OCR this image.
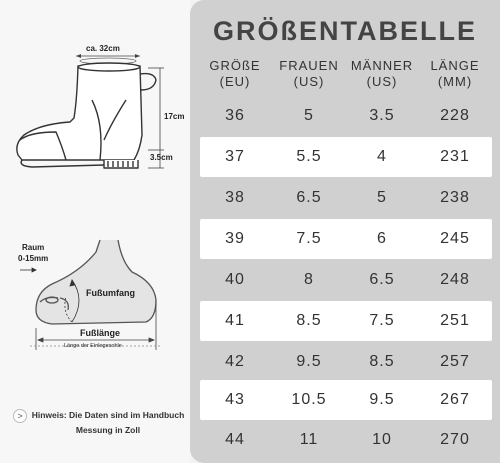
ca. 32cm
17cm
3.5cm
Raum
0-15mm
Fußumfang
Fußlänge
Länge der Einlegesohle
>	Hinweis: Die Daten sind im Handbuch
Messung in Zoll
GRÖßENTABELLE
GRÖßE
(EU)
FRAUEN
(US)
MÄNNER
(US)
LÄNGE
(MM)
36	5	3.5	228
37	5.5	4	231
38	6.5	5	238
39	7.5	6	245
40	8	6.5	248
41	8.5	7.5	251
42	9.5	8.5	257
43	10.5	9.5	267
44	11	10	270
